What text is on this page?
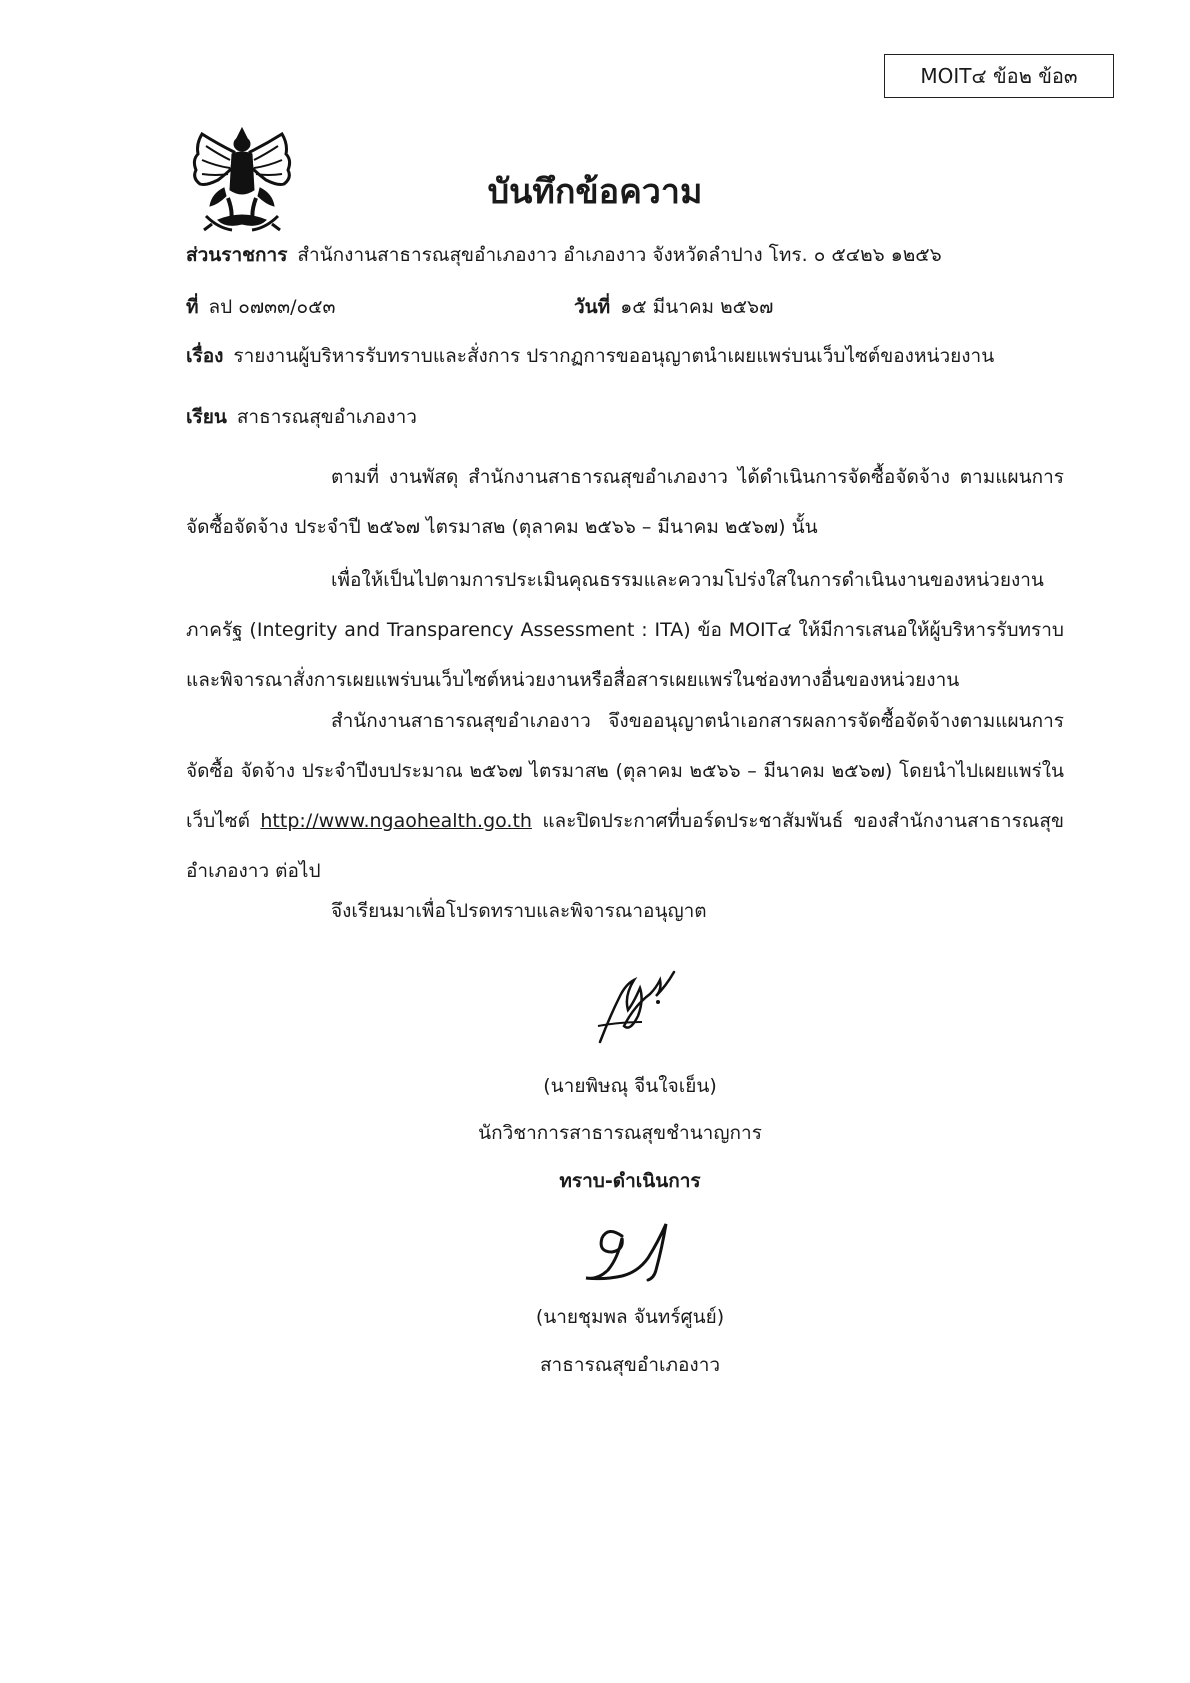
MOIT๔ ข้อ๒ ข้อ๓
บันทึกข้อความ
ส่วนราชการ สำนักงานสาธารณสุขอำเภองาว อำเภองาว จังหวัดลำปาง โทร. ๐ ๕๔๒๖ ๑๒๕๖
ที่ ลป ๐๗๓๓/๐๕๓	วันที่ ๑๕ มีนาคม ๒๕๖๗
เรื่อง รายงานผู้บริหารรับทราบและสั่งการ ปรากฏการขออนุญาตนำเผยแพร่บนเว็บไซต์ของหน่วยงาน
เรียน สาธารณสุขอำเภองาว
ตามที่ งานพัสดุ สำนักงานสาธารณสุขอำเภองาว ได้ดำเนินการจัดซื้อจัดจ้าง ตามแผนการจัดซื้อจัดจ้าง ประจำปี ๒๕๖๗ ไตรมาส๒ (ตุลาคม ๒๕๖๖ – มีนาคม ๒๕๖๗) นั้น
เพื่อให้เป็นไปตามการประเมินคุณธรรมและความโปร่งใสในการดำเนินงานของหน่วยงานภาครัฐ (Integrity and Transparency Assessment : ITA) ข้อ MOIT๔ ให้มีการเสนอให้ผู้บริหารรับทราบและพิจารณาสั่งการเผยแพร่บนเว็บไซต์หน่วยงานหรือสื่อสารเผยแพร่ในช่องทางอื่นของหน่วยงาน
สำนักงานสาธารณสุขอำเภองาว จึงขออนุญาตนำเอกสารผลการจัดซื้อจัดจ้างตามแผนการจัดซื้อ จัดจ้าง ประจำปีงบประมาณ ๒๕๖๗ ไตรมาส๒ (ตุลาคม ๒๕๖๖ – มีนาคม ๒๕๖๗) โดยนำไปเผยแพร่ในเว็บไซต์ http://www.ngaohealth.go.th และปิดประกาศที่บอร์ดประชาสัมพันธ์ ของสำนักงานสาธารณสุขอำเภองาว ต่อไป
จึงเรียนมาเพื่อโปรดทราบและพิจารณาอนุญาต
(นายพิษณุ จีนใจเย็น)
นักวิชาการสาธารณสุขชำนาญการ
ทราบ-ดำเนินการ
(นายชุมพล จันทร์ศูนย์)
สาธารณสุขอำเภองาว
